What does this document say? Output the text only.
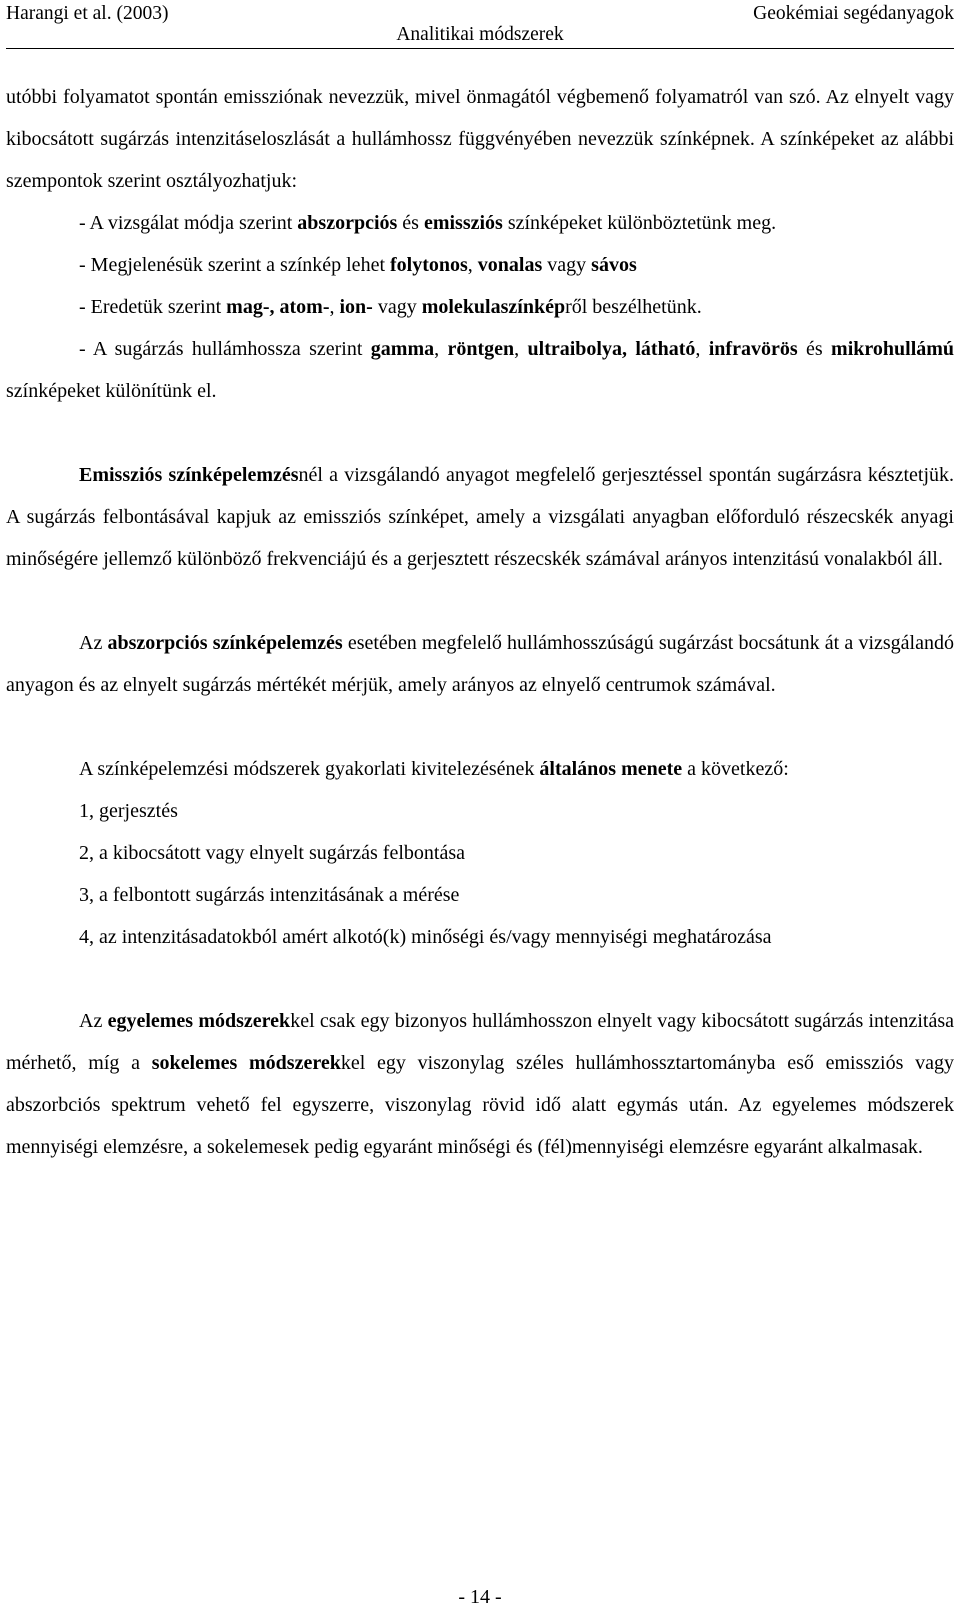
Harangi et al. (2003)	Geokémiai segédanyagok
Analitikai módszerek

utóbbi folyamatot spontán emissziónak nevezzük, mivel önmagától végbemenő folyamatról van szó. Az elnyelt vagy kibocsátott sugárzás intenzitáseloszlását a hullámhossz függvényében nevezzük színképnek. A színképeket az alábbi szempontok szerint osztályozhatjuk:

- A vizsgálat módja szerint abszorpciós és emissziós színképeket különböztetünk meg.

- Megjelenésük szerint a színkép lehet folytonos, vonalas vagy sávos

- Eredetük szerint mag-, atom-, ion- vagy molekulaszínképről beszélhetünk.

- A sugárzás hullámhossza szerint gamma, röntgen, ultraibolya, látható, infravörös és mikrohullámú színképeket különítünk el.

Emissziós színképelemzésnél a vizsgálandó anyagot megfelelő gerjesztéssel spontán sugárzásra késztetjük. A sugárzás felbontásával kapjuk az emissziós színképet, amely a vizsgálati anyagban előforduló részecskék anyagi minőségére jellemző különböző frekvenciájú és a gerjesztett részecskék számával arányos intenzitású vonalakból áll.

Az abszorpciós színképelemzés esetében megfelelő hullámhosszúságú sugárzást bocsátunk át a vizsgálandó anyagon és az elnyelt sugárzás mértékét mérjük, amely arányos az elnyelő centrumok számával.

A színképelemzési módszerek gyakorlati kivitelezésének általános menete a következő:

1, gerjesztés

2, a kibocsátott vagy elnyelt sugárzás felbontása

3, a felbontott sugárzás intenzitásának a mérése

4, az intenzitásadatokból amért alkotó(k) minőségi és/vagy mennyiségi meghatározása

Az egyelemes módszerekkel csak egy bizonyos hullámhosszon elnyelt vagy kibocsátott sugárzás intenzitása mérhető, míg a sokelemes módszerekkel egy viszonylag széles hullámhossztartományba eső emissziós vagy abszorbciós spektrum vehető fel egyszerre, viszonylag rövid idő alatt egymás után. Az egyelemes módszerek mennyiségi elemzésre, a sokelemesek pedig egyaránt minőségi és (fél)mennyiségi elemzésre egyaránt alkalmasak.

- 14 -
